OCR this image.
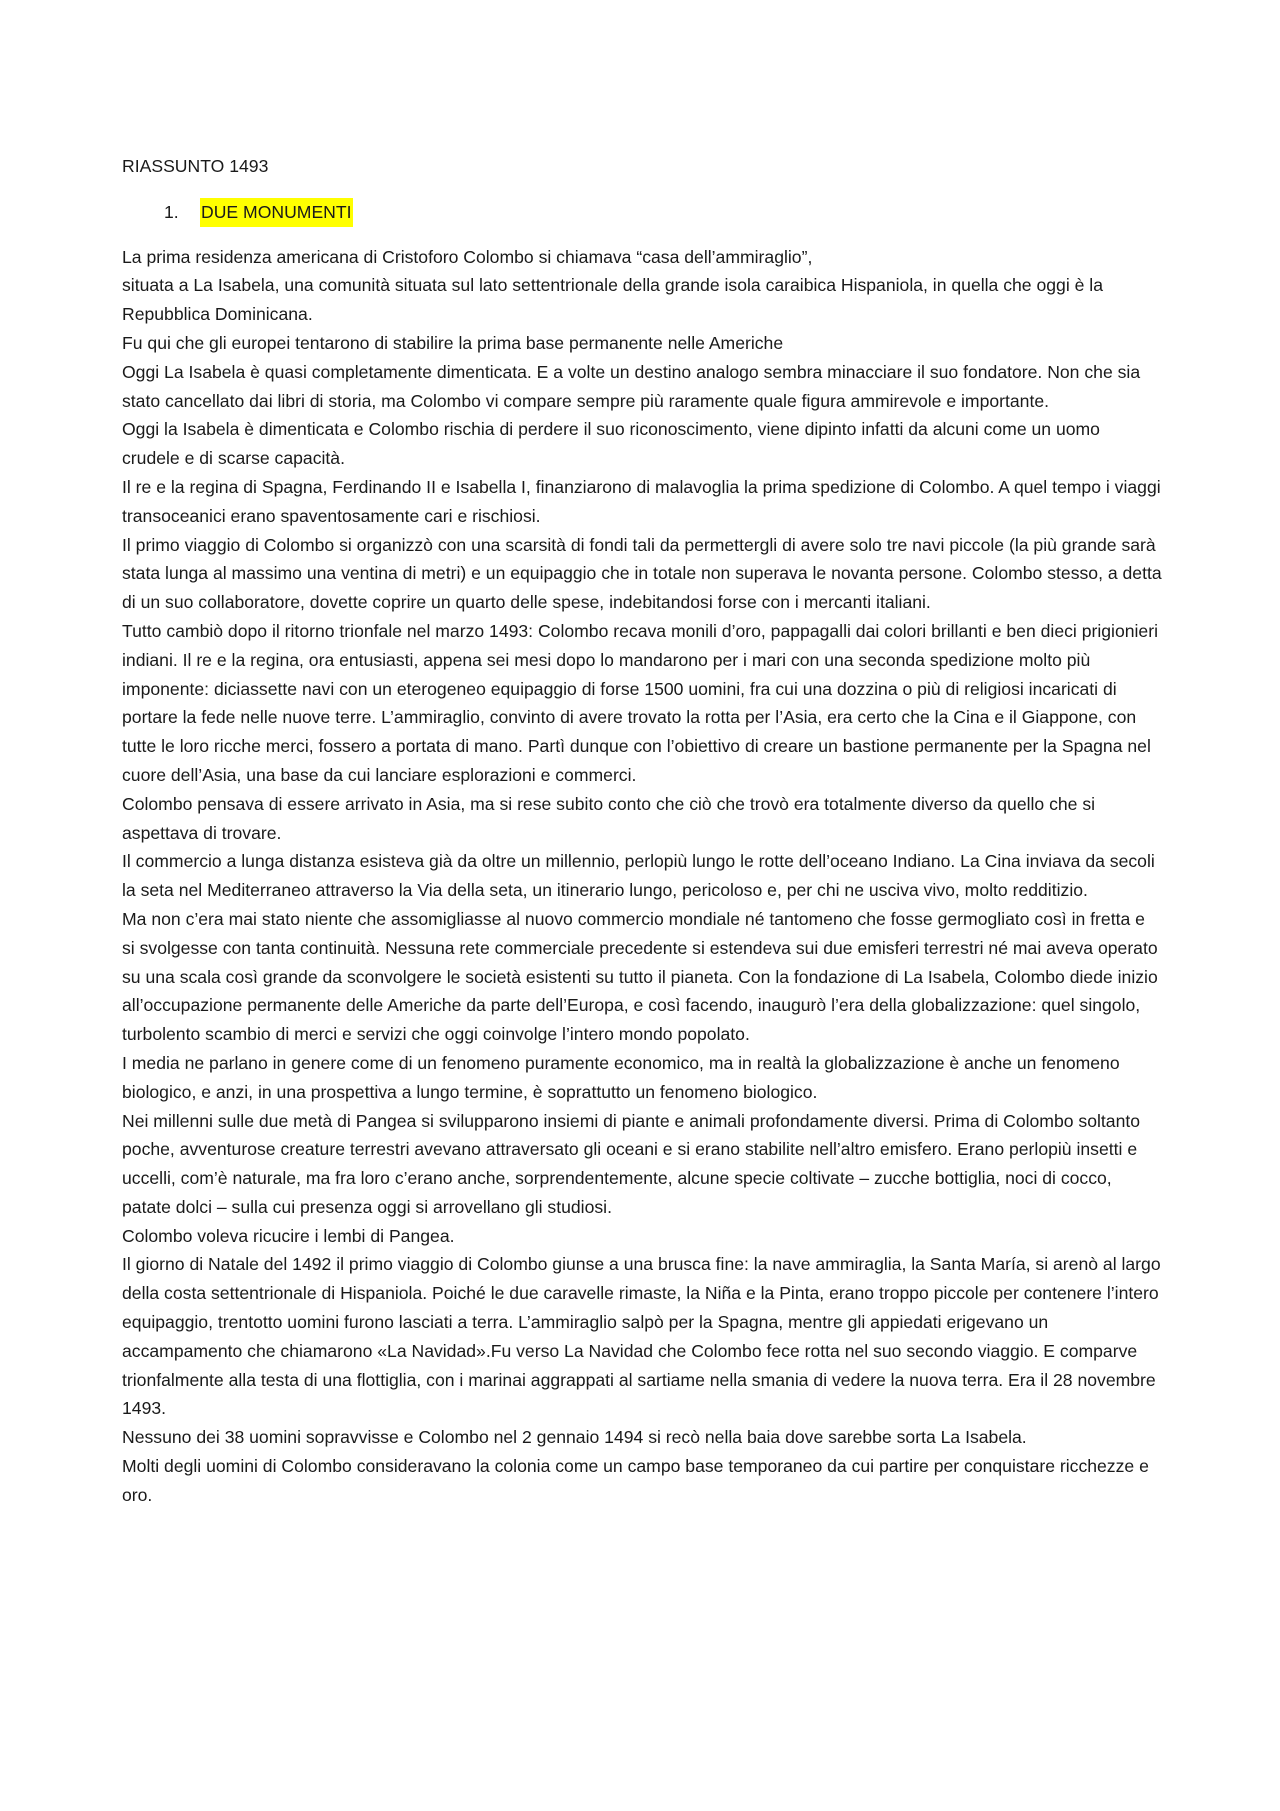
RIASSUNTO 1493

1.	DUE MONUMENTI

La prima residenza americana di Cristoforo Colombo si chiamava “casa dell’ammiraglio”,

situata a La Isabela, una comunità situata sul lato settentrionale della grande isola caraibica Hispaniola, in quella che oggi è la Repubblica Dominicana.

Fu qui che gli europei tentarono di stabilire la prima base permanente nelle Americhe

Oggi La Isabela è quasi completamente dimenticata. E a volte un destino analogo sembra minacciare il suo fondatore. Non che sia stato cancellato dai libri di storia, ma Colombo vi compare sempre più raramente quale figura ammirevole e importante.

Oggi la Isabela è dimenticata e Colombo rischia di perdere il suo riconoscimento, viene dipinto infatti da alcuni come un uomo crudele e di scarse capacità.

Il re e la regina di Spagna, Ferdinando II e Isabella I, finanziarono di malavoglia la prima spedizione di Colombo. A quel tempo i viaggi transoceanici erano spaventosamente cari e rischiosi.

Il primo viaggio di Colombo si organizzò con una scarsità di fondi tali da permettergli di avere solo tre navi piccole (la più grande sarà stata lunga al massimo una ventina di metri) e un equipaggio che in totale non superava le novanta persone. Colombo stesso, a detta di un suo collaboratore, dovette coprire un quarto delle spese, indebitandosi forse con i mercanti italiani.

Tutto cambiò dopo il ritorno trionfale nel marzo 1493: Colombo recava monili d’oro, pappagalli dai colori brillanti e ben dieci prigionieri indiani. Il re e la regina, ora entusiasti, appena sei mesi dopo lo mandarono per i mari con una seconda spedizione molto più imponente: diciassette navi con un eterogeneo equipaggio di forse 1500 uomini, fra cui una dozzina o più di religiosi incaricati di portare la fede nelle nuove terre. L’ammiraglio, convinto di avere trovato la rotta per l’Asia, era certo che la Cina e il Giappone, con tutte le loro ricche merci, fossero a portata di mano. Partì dunque con l’obiettivo di creare un bastione permanente per la Spagna nel cuore dell’Asia, una base da cui lanciare esplorazioni e commerci.

Colombo pensava di essere arrivato in Asia, ma si rese subito conto che ciò che trovò era totalmente diverso da quello che si aspettava di trovare.

Il commercio a lunga distanza esisteva già da oltre un millennio, perlopiù lungo le rotte dell’oceano Indiano. La Cina inviava da secoli la seta nel Mediterraneo attraverso la Via della seta, un itinerario lungo, pericoloso e, per chi ne usciva vivo, molto redditizio.

Ma non c’era mai stato niente che assomigliasse al nuovo commercio mondiale né tantomeno che fosse germogliato così in fretta e si svolgesse con tanta continuità. Nessuna rete commerciale precedente si estendeva sui due emisferi terrestri né mai aveva operato su una scala così grande da sconvolgere le società esistenti su tutto il pianeta. Con la fondazione di La Isabela, Colombo diede inizio all’occupazione permanente delle Americhe da parte dell’Europa, e così facendo, inaugurò l’era della globalizzazione: quel singolo, turbolento scambio di merci e servizi che oggi coinvolge l’intero mondo popolato.

I media ne parlano in genere come di un fenomeno puramente economico, ma in realtà la globalizzazione è anche un fenomeno biologico, e anzi, in una prospettiva a lungo termine, è soprattutto un fenomeno biologico.

Nei millenni sulle due metà di Pangea si svilupparono insiemi di piante e animali profondamente diversi. Prima di Colombo soltanto poche, avventurose creature terrestri avevano attraversato gli oceani e si erano stabilite nell’altro emisfero. Erano perlopiù insetti e uccelli, com’è naturale, ma fra loro c’erano anche, sorprendentemente, alcune specie coltivate – zucche bottiglia, noci di cocco, patate dolci – sulla cui presenza oggi si arrovellano gli studiosi.

Colombo voleva ricucire i lembi di Pangea.

Il giorno di Natale del 1492 il primo viaggio di Colombo giunse a una brusca fine: la nave ammiraglia, la Santa María, si arenò al largo della costa settentrionale di Hispaniola. Poiché le due caravelle rimaste, la Niña e la Pinta, erano troppo piccole per contenere l’intero equipaggio, trentotto uomini furono lasciati a terra. L’ammiraglio salpò per la Spagna, mentre gli appiedati erigevano un accampamento che chiamarono «La Navidad».Fu verso La Navidad che Colombo fece rotta nel suo secondo viaggio. E comparve trionfalmente alla testa di una flottiglia, con i marinai aggrappati al sartiame nella smania di vedere la nuova terra. Era il 28 novembre 1493.

Nessuno dei 38 uomini sopravvisse e Colombo nel 2 gennaio 1494 si recò nella baia dove sarebbe sorta La Isabela.

Molti degli uomini di Colombo consideravano la colonia come un campo base temporaneo da cui partire per conquistare ricchezze e oro.
